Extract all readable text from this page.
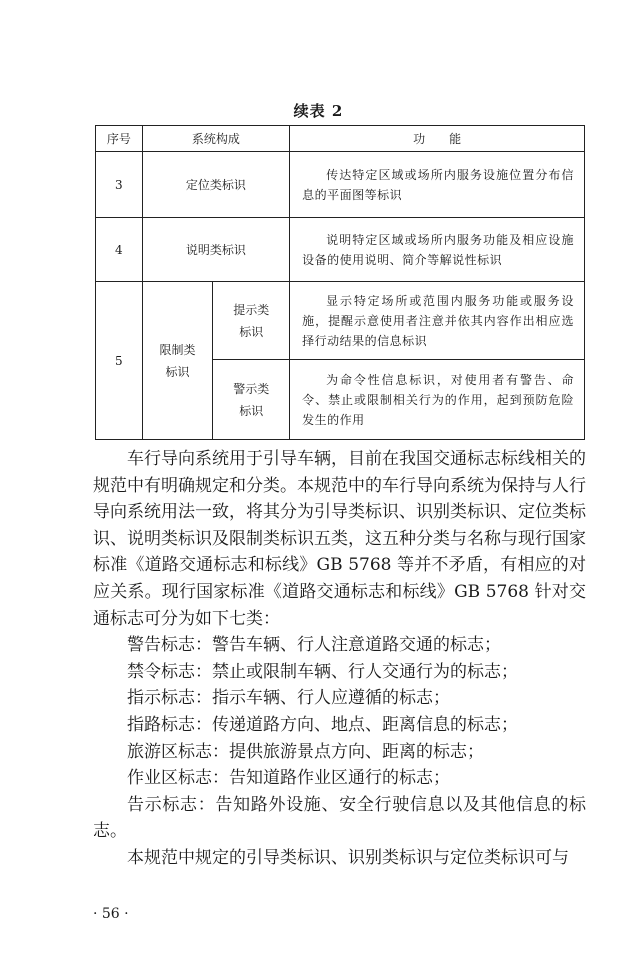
续表 2
序号	系统构成		功　　能
3	定位类标识		传达特定区域或场所内服务设施位置分布信息的平面图等标识

4	说明类标识		说明特定区域或场所内服务功能及相应设施设备的使用说明、简介等解说性标识

5	限制类标识	提示类标识	显示特定场所或范围内服务功能或服务设施，提醒示意使用者注意并依其内容作出相应选择行动结果的信息标识

		警示类标识	为命令性信息标识，对使用者有警告、命令、禁止或限制相关行为的作用，起到预防危险发生的作用

车行导向系统用于引导车辆，目前在我国交通标志标线相关的规范中有明确规定和分类。本规范中的车行导向系统为保持与人行导向系统用法一致，将其分为引导类标识、识别类标识、定位类标识、说明类标识及限制类标识五类，这五种分类与名称与现行国家标准《道路交通标志和标线》GB 5768 等并不矛盾，有相应的对应关系。现行国家标准《道路交通标志和标线》GB 5768 针对交通标志可分为如下七类：

警告标志：警告车辆、行人注意道路交通的标志；

禁令标志：禁止或限制车辆、行人交通行为的标志；

指示标志：指示车辆、行人应遵循的标志；

指路标志：传递道路方向、地点、距离信息的标志；

旅游区标志：提供旅游景点方向、距离的标志；

作业区标志：告知道路作业区通行的标志；

告示标志：告知路外设施、安全行驶信息以及其他信息的标志。

本规范中规定的引导类标识、识别类标识与定位类标识可与

· 56 ·
